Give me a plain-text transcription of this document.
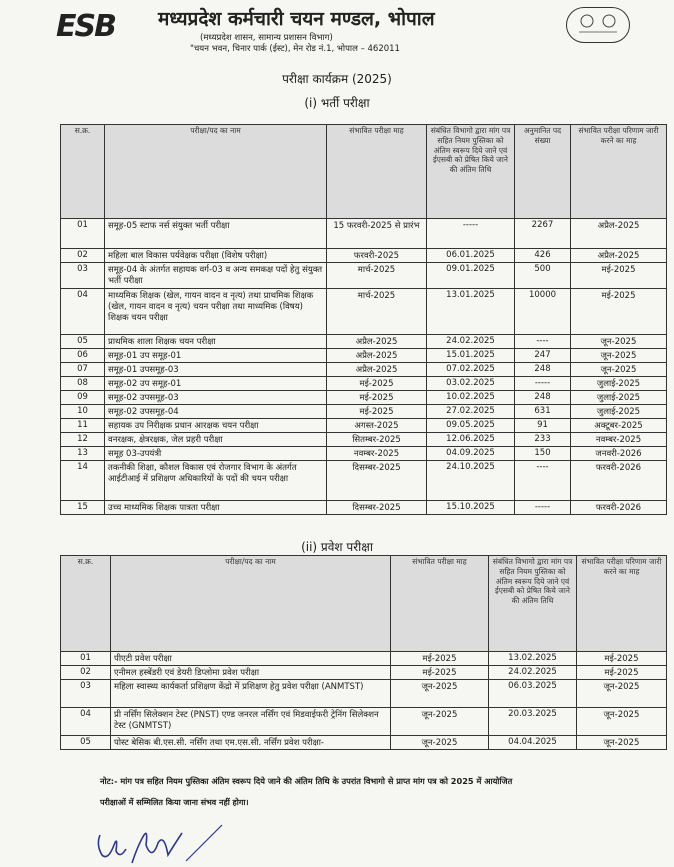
ESB मध्यप्रदेश कर्मचारी चयन मण्डल, भोपाल
(मध्यप्रदेश शासन, सामान्य प्रशासन विभाग)
"चयन भवन, चिनार पार्क (ईस्ट), मेन रोड नं.1, भोपाल – 462011
परीक्षा कार्यक्रम (2025)
(i) भर्ती परीक्षा
स.क्र.	परीक्षा/पद का नाम	संभावित परीक्षा माह	संबंधित विभागो द्वारा मांग पत्र सहित नियम पुस्तिका को अंतिम स्वरूप दिये जाने एवं ईएसबी को प्रेषित किये जाने की अंतिम तिथि	अनुमानित पद संख्या	संभावित परीक्षा परिणाम जारी करने का माह
01	समूह-05 स्टाफ नर्स संयुक्त भर्ती परीक्षा	15 फरवरी-2025 से प्रारंभ	-----	2267	अप्रैल-2025
02	महिला बाल विकास पर्यवेक्षक परीक्षा (विशेष परीक्षा)	फरवरी-2025	06.01.2025	426	अप्रैल-2025
03	समूह-04 के अंतर्गत सहायक वर्ग-03 व अन्य समकक्ष पदों हेतु संयुक्त भर्ती परीक्षा	मार्च-2025	09.01.2025	500	मई-2025
04	माध्यमिक शिक्षक (खेल, गायन वादन व नृत्य) तथा प्राथमिक शिक्षक (खेल, गायन वादन व नृत्य) चयन परीक्षा तथा माध्यमिक (विषय) शिक्षक चयन परीक्षा	मार्च-2025	13.01.2025	10000	मई-2025
05	प्राथमिक शाला शिक्षक चयन परीक्षा	अप्रैल-2025	24.02.2025	----	जून-2025
06	समूह-01 उप समूह-01	अप्रैल-2025	15.01.2025	247	जून-2025
07	समूह-01 उपसमूह-03	अप्रैल-2025	07.02.2025	248	जून-2025
08	समूह-02 उप समूह-01	मई-2025	03.02.2025	-----	जुलाई-2025
09	समूह-02 उपसमूह-03	मई-2025	10.02.2025	248	जुलाई-2025
10	समूह-02 उपसमूह-04	मई-2025	27.02.2025	631	जुलाई-2025
11	सहायक उप निरीक्षक प्रधान आरक्षक चयन परीक्षा	अगस्त-2025	09.05.2025	91	अक्टूबर-2025
12	वनरक्षक, क्षेत्ररक्षक, जेल प्रहरी परीक्षा	सितम्बर-2025	12.06.2025	233	नवम्बर-2025
13	समूह 03-उपयंत्री	नवम्बर-2025	04.09.2025	150	जनवरी-2026
14	तकनीकी शिक्षा, कौशल विकास एवं रोजगार विभाग के अंतर्गत आईटीआई में प्रशिक्षण अधिकारियों के पदों की चयन परीक्षा	दिसम्बर-2025	24.10.2025	----	फरवरी-2026
15	उच्च माध्यमिक शिक्षक पात्रता परीक्षा	दिसम्बर-2025	15.10.2025	-----	फरवरी-2026
(ii) प्रवेश परीक्षा
स.क्र.	परीक्षा/पद का नाम	संभावित परीक्षा माह	संबंधित विभागो द्वारा मांग पत्र सहित नियम पुस्तिका को अंतिम स्वरूप दिये जाने एवं ईएसबी को प्रेषित किये जाने की अंतिम तिथि	संभावित परीक्षा परिणाम जारी करने का माह
01	पीएटी प्रवेश परीक्षा	मई-2025	13.02.2025	मई-2025
02	एनीमल हस्बेंडरी एवं डेयरी डिप्लोमा प्रवेश परीक्षा	मई-2025	24.02.2025	मई-2025
03	महिला स्वास्थ्य कार्यकर्ता प्रशिक्षण केंद्रो में प्रशिक्षण हेतु प्रवेश परीक्षा (ANMTST)	जून-2025	06.03.2025	जून-2025
04	प्री नर्सिंग सिलेक्शन टेस्ट (PNST) एण्ड जनरल नर्सिंग एवं मिडवाईफरी ट्रेनिंग सिलेक्शन टेस्ट (GNMTST)	जून-2025	20.03.2025	जून-2025
05	पोस्ट बेसिक बी.एस.सी. नर्सिंग तथा एम.एस.सी. नर्सिंग प्रवेश परीक्षा-	जून-2025	04.04.2025	जून-2025
नोट:- मांग पत्र सहित नियम पुस्तिका अंतिम स्वरूप दिये जाने की अंतिम तिथि के उपरांत विभागो से प्राप्त मांग पत्र को 2025 में आयोजित
परीक्षाओं में सम्मिलित किया जाना संभव नहीं होगा।
